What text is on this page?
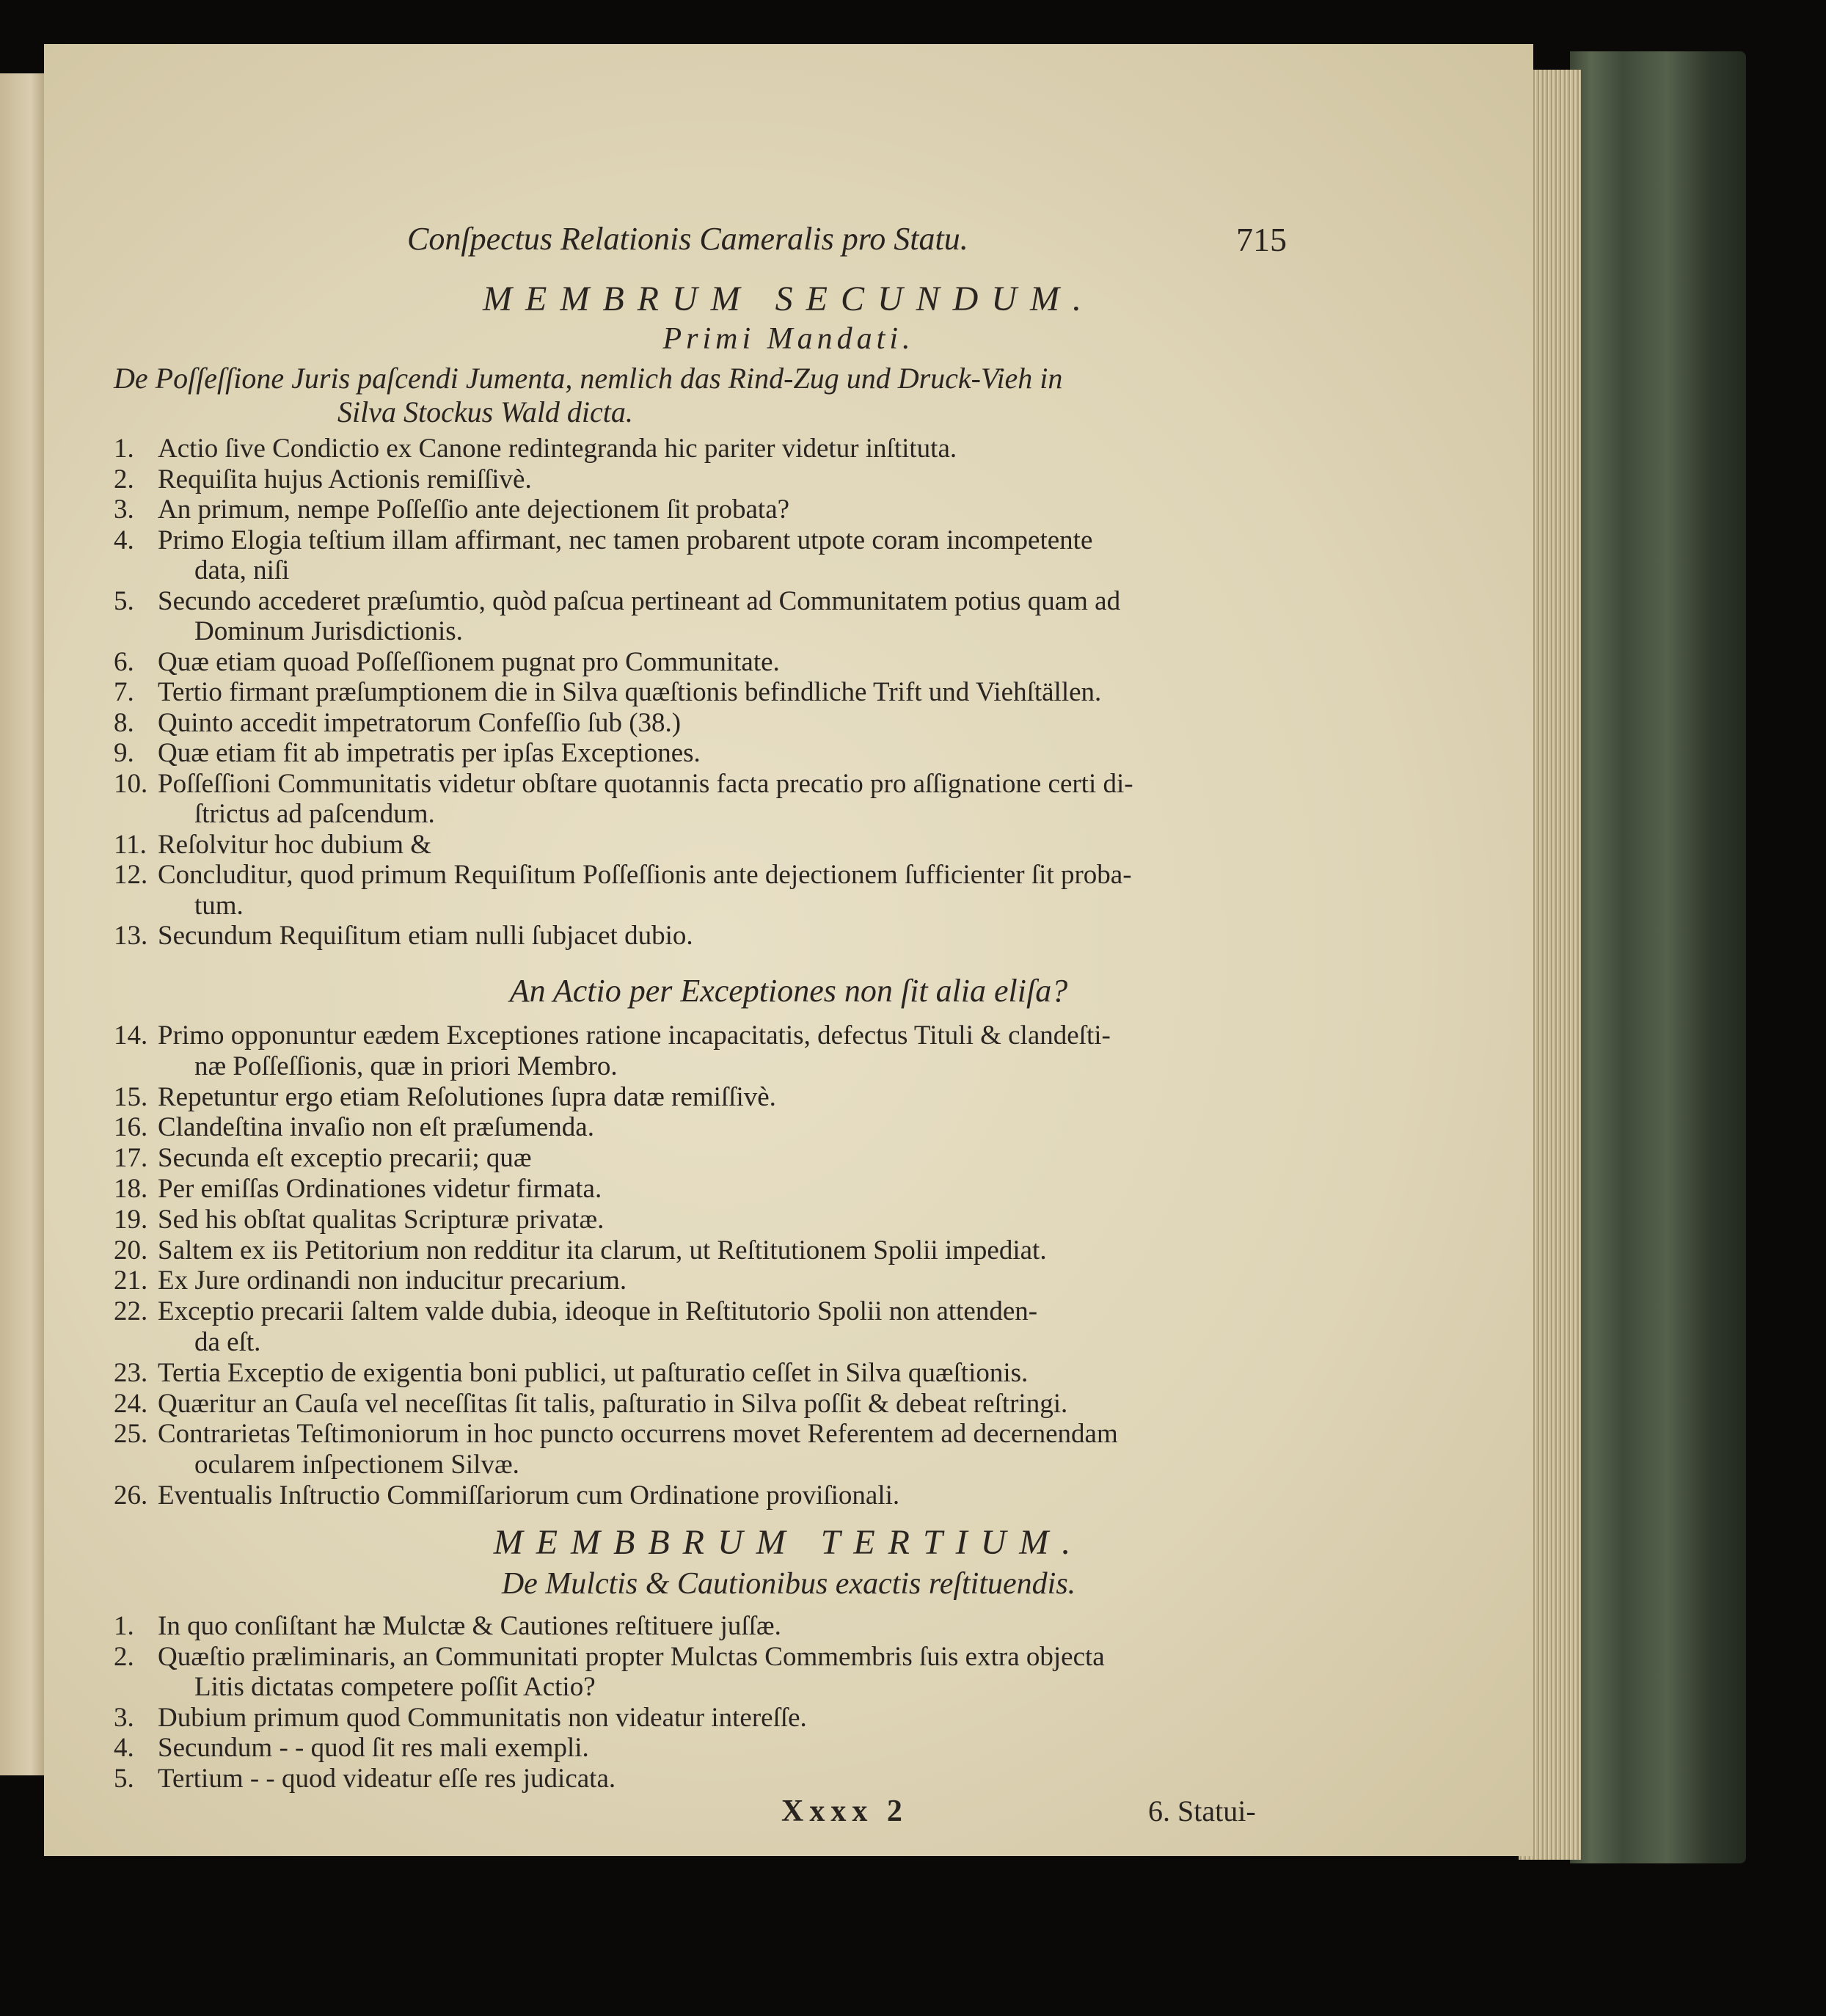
Conſpectus Relationis Cameralis pro Statu.	715
MEMBRUM SECUNDUM.
Primi Mandati.
De Poſſeſſione Juris paſcendi Jumenta, nemlich das Rind-Zug und Druck-Vieh in
Silva Stockus Wald dicta.
1. Actio ſive Condictio ex Canone redintegranda hic pariter videtur inſtituta.
2. Requiſita hujus Actionis remiſſivè.
3. An primum, nempe Poſſeſſio ante dejectionem ſit probata?
4. Primo Elogia teſtium illam affirmant, nec tamen probarent utpote coram incompetente
data, niſi
5. Secundo accederet præſumtio, quòd paſcua pertineant ad Communitatem potius quam ad
Dominum Jurisdictionis.
6. Quæ etiam quoad Poſſeſſionem pugnat pro Communitate.
7. Tertio firmant præſumptionem die in Silva quæſtionis befindliche Trift und Viehſtällen.
8. Quinto accedit impetratorum Confeſſio ſub (38.)
9. Quæ etiam fit ab impetratis per ipſas Exceptiones.
10. Poſſeſſioni Communitatis videtur obſtare quotannis facta precatio pro aſſignatione certi di-
ſtrictus ad paſcendum.
11. Reſolvitur hoc dubium &
12. Concluditur, quod primum Requiſitum Poſſeſſionis ante dejectionem ſufficienter ſit proba-
tum.
13. Secundum Requiſitum etiam nulli ſubjacet dubio.
An Actio per Exceptiones non ſit alia eliſa?
14. Primo opponuntur eædem Exceptiones ratione incapacitatis, defectus Tituli & clandeſti-
næ Poſſeſſionis, quæ in priori Membro.
15. Repetuntur ergo etiam Reſolutiones ſupra datæ remiſſivè.
16. Clandeſtina invaſio non eſt præſumenda.
17. Secunda eſt exceptio precarii; quæ
18. Per emiſſas Ordinationes videtur firmata.
19. Sed his obſtat qualitas Scripturæ privatæ.
20. Saltem ex iis Petitorium non redditur ita clarum, ut Reſtitutionem Spolii impediat.
21. Ex Jure ordinandi non inducitur precarium.
22. Exceptio precarii ſaltem valde dubia, ideoque in Reſtitutorio Spolii non attenden-
da eſt.
23. Tertia Exceptio de exigentia boni publici, ut paſturatio ceſſet in Silva quæſtionis.
24. Quæritur an Cauſa vel neceſſitas ſit talis, paſturatio in Silva poſſit & debeat reſtringi.
25. Contrarietas Teſtimoniorum in hoc puncto occurrens movet Referentem ad decernendam
ocularem inſpectionem Silvæ.
26. Eventualis Inſtructio Commiſſariorum cum Ordinatione proviſionali.
MEMBBRUM TERTIUM.
De Mulctis & Cautionibus exactis reſtituendis.
1. In quo conſiſtant hæ Mulctæ & Cautiones reſtituere juſſæ.
2. Quæſtio præliminaris, an Communitati propter Mulctas Commembris ſuis extra objecta
Litis dictatas competere poſſit Actio?
3. Dubium primum quod Communitatis non videatur intereſſe.
4. Secundum - - quod ſit res mali exempli.
5. Tertium - - quod videatur eſſe res judicata.
Xxxx 2	6. Statui-
